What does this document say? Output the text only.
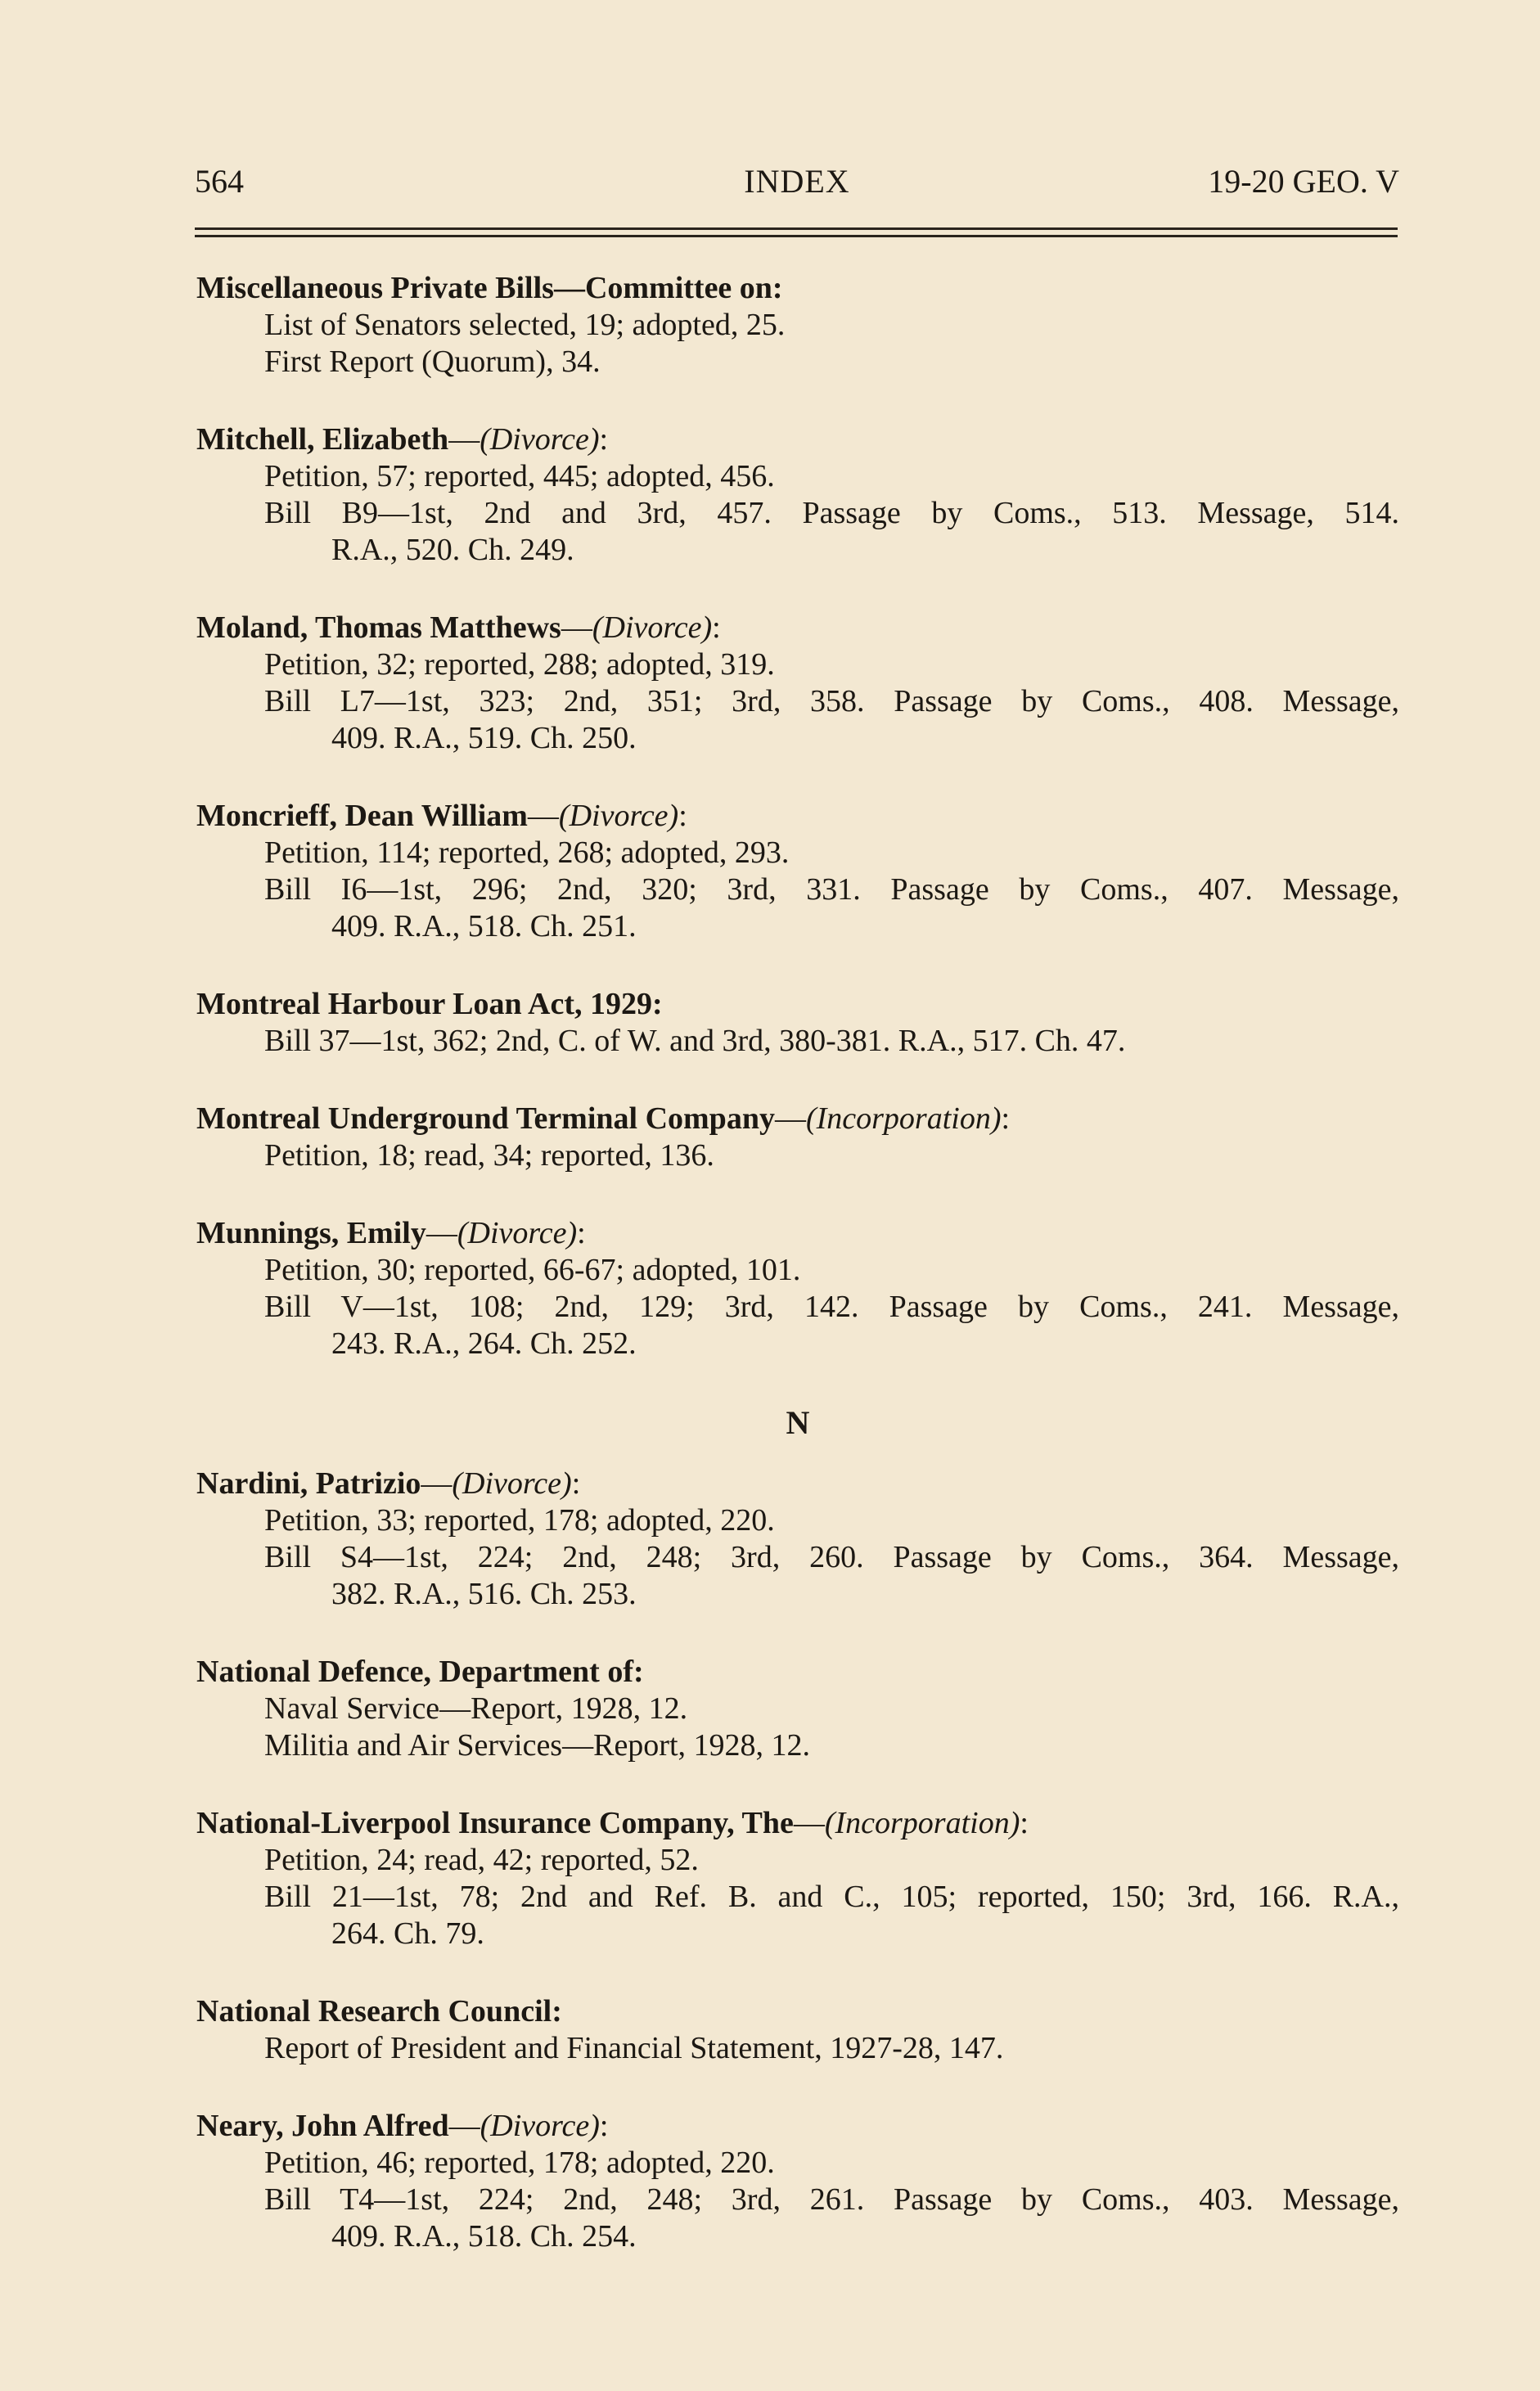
564	INDEX	19-20 GEO. V
Miscellaneous Private Bills—Committee on:
List of Senators selected, 19; adopted, 25.
First Report (Quorum), 34.
Mitchell, Elizabeth—(Divorce):
Petition, 57; reported, 445; adopted, 456.
Bill B9—1st, 2nd and 3rd, 457. Passage by Coms., 513. Message, 514.
R.A., 520. Ch. 249.
Moland, Thomas Matthews—(Divorce):
Petition, 32; reported, 288; adopted, 319.
Bill L7—1st, 323; 2nd, 351; 3rd, 358. Passage by Coms., 408. Message,
409. R.A., 519. Ch. 250.
Moncrieff, Dean William—(Divorce):
Petition, 114; reported, 268; adopted, 293.
Bill I6—1st, 296; 2nd, 320; 3rd, 331. Passage by Coms., 407. Message,
409. R.A., 518. Ch. 251.
Montreal Harbour Loan Act, 1929:
Bill 37—1st, 362; 2nd, C. of W. and 3rd, 380-381. R.A., 517. Ch. 47.
Montreal Underground Terminal Company—(Incorporation):
Petition, 18; read, 34; reported, 136.
Munnings, Emily—(Divorce):
Petition, 30; reported, 66-67; adopted, 101.
Bill V—1st, 108; 2nd, 129; 3rd, 142. Passage by Coms., 241. Message,
243. R.A., 264. Ch. 252.
N
Nardini, Patrizio—(Divorce):
Petition, 33; reported, 178; adopted, 220.
Bill S4—1st, 224; 2nd, 248; 3rd, 260. Passage by Coms., 364. Message,
382. R.A., 516. Ch. 253.
National Defence, Department of:
Naval Service—Report, 1928, 12.
Militia and Air Services—Report, 1928, 12.
National-Liverpool Insurance Company, The—(Incorporation):
Petition, 24; read, 42; reported, 52.
Bill 21—1st, 78; 2nd and Ref. B. and C., 105; reported, 150; 3rd, 166. R.A.,
264. Ch. 79.
National Research Council:
Report of President and Financial Statement, 1927-28, 147.
Neary, John Alfred—(Divorce):
Petition, 46; reported, 178; adopted, 220.
Bill T4—1st, 224; 2nd, 248; 3rd, 261. Passage by Coms., 403. Message,
409. R.A., 518. Ch. 254.
